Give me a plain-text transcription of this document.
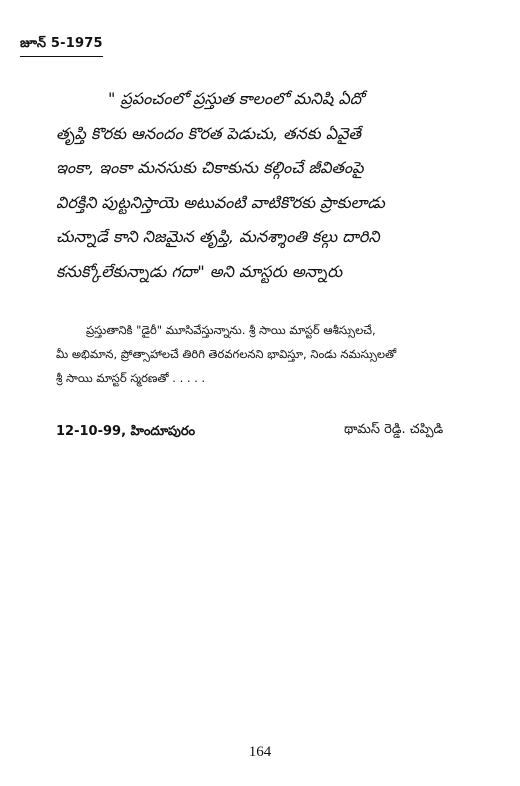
జూన్ 5-1975
" ప్రపంచంలో ప్రస్తుత కాలంలో మనిషి ఏదో
తృప్తి కొరకు ఆనందం కొరత పెడుచు, తనకు ఏవైతే
ఇంకా, ఇంకా మనసుకు చికాకును కల్గించే జీవితంపై
విరక్తిని పుట్టనిస్తాయె అటువంటి వాటికొరకు ప్రాకులాడు
చున్నాడే కాని నిజమైన తృప్తి, మనశ్శాంతి కల్గు దారిని
కనుక్కోలేకున్నాడు గదా" అని మాస్టరు అన్నారు
ప్రస్తుతానికి "డైరీ" మూసివేస్తున్నాను. శ్రీ సాయి మాస్టర్ ఆశీస్సులచే,
మీ అభిమాన, ప్రోత్సాహాలచే తిరిగి తెరవగలనని భావిస్తూ, నిండు నమస్సులతో
శ్రీ సాయి మాస్టర్ స్మరణతో . . . . .
12-10-99, హిందూపురం	థామస్ రెడ్డి. చప్పిడి
164
